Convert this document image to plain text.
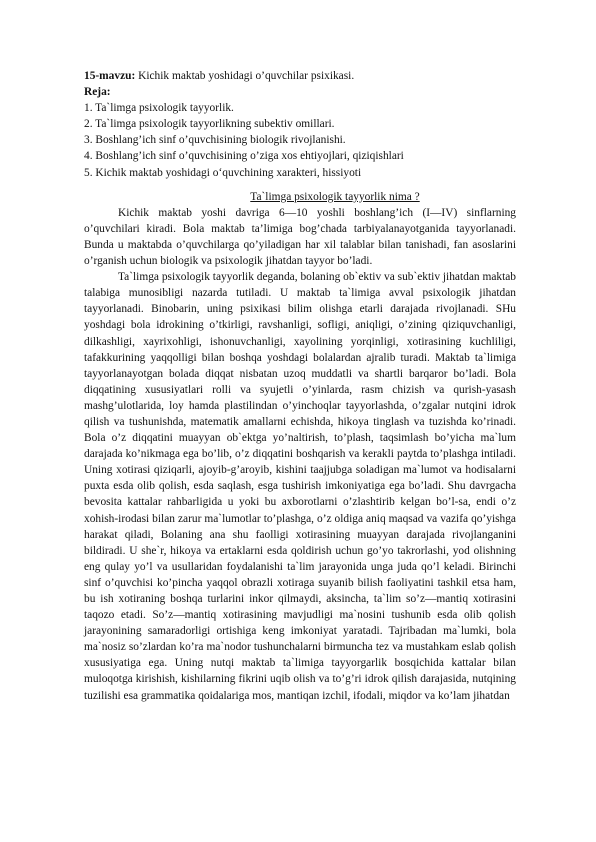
15-mavzu: Kichik maktab yoshidagi o’quvchilar psixikasi.

Reja:

1. Ta`limga psixologik tayyorlik.

2. Ta`limga psixologik tayyorlikning subektiv omillari.

3. Boshlang’ich sinf o’quvchisining biologik rivojlanishi.

4. Boshlang’ich sinf o’quvchisining o’ziga xos ehtiyojlari, qiziqishlari

5. Kichik maktab yoshidagi o‘quvchining xarakteri, hissiyoti

Ta`limga psixologik tayyorlik nima ?

Kichik maktab yoshi davriga 6—10 yoshli boshlang’ich (I—IV) sinflarning o’quvchilari kiradi. Bola maktab ta’limiga bog’chada tarbiyalanayotganida tayyorlanadi. Bunda u maktabda o’quvchilarga qo’yiladigan har xil talablar bilan tanishadi, fan asoslarini o’rganish uchun biologik va psixologik jihatdan tayyor bo’ladi.

Ta`limga psixologik tayyorlik deganda, bolaning ob`ektiv va sub`ektiv jihatdan maktab talabiga munosibligi nazarda tutiladi. U maktab ta`limiga avval psixologik jihatdan tayyorlanadi. Binobarin, uning psixikasi bilim olishga etarli darajada rivojlanadi. SHu yoshdagi bola idrokining o’tkirligi, ravshanligi, sofligi, aniqligi, o’zining qiziquvchanligi, dilkashligi, xayrixohligi, ishonuvchanligi, xayolining yorqinligi, xotirasining kuchliligi, tafakkurining yaqqolligi bilan boshqa yoshdagi bolalardan ajralib turadi. Maktab ta`limiga tayyorlanayotgan bolada diqqat nisbatan uzoq muddatli va shartli barqaror bo’ladi. Bola diqqatining xususiyatlari rolli va syujetli o’yinlarda, rasm chizish va qurish-yasash mashg’ulotlarida, loy hamda plastilindan o’yinchoqlar tayyorlashda, o’zgalar nutqini idrok qilish va tushunishda, matematik amallarni echishda, hikoya tinglash va tuzishda ko’rinadi. Bola o’z diqqatini muayyan ob`ektga yo’naltirish, to’plash, taqsimlash bo’yicha ma`lum darajada ko’nikmaga ega bo’lib, o’z diqqatini boshqarish va kerakli paytda to’plashga intiladi. Uning xotirasi qiziqarli, ajoyib-g’aroyib, kishini taajjubga soladigan ma`lumot va hodisalarni puxta esda olib qolish, esda saqlash, esga tushirish imkoniyatiga ega bo’ladi. Shu davrgacha bevosita kattalar rahbarligida u yoki bu axborotlarni o’zlashtirib kelgan bo’l-sa, endi o’z xohish-irodasi bilan zarur ma`lumotlar to’plashga, o’z oldiga aniq maqsad va vazifa qo’yishga harakat qiladi, Bolaning ana shu faolligi xotirasining muayyan darajada rivojlanganini bildiradi. U she`r, hikoya va ertaklarni esda qoldirish uchun go’yo takrorlashi, yod olishning eng qulay yo’l va usullaridan foydalanishi ta`lim jarayonida unga juda qo’l keladi. Birinchi sinf o’quvchisi ko’pincha yaqqol obrazli xotiraga suyanib bilish faoliyatini tashkil etsa ham, bu ish xotiraning boshqa turlarini inkor qilmaydi, aksincha, ta`lim so’z—mantiq xotirasini taqozo etadi. So’z—mantiq xotirasining mavjudligi ma`nosini tushunib esda olib qolish jarayonining samaradorligi ortishiga keng imkoniyat yaratadi. Tajribadan ma`lumki, bola ma`nosiz so’zlardan ko’ra ma`nodor tushunchalarni birmuncha tez va mustahkam eslab qolish xususiyatiga ega. Uning nutqi maktab ta`limiga tayyorgarlik bosqichida kattalar bilan muloqotga kirishish, kishilarning fikrini uqib olish va to’g’ri idrok qilish darajasida, nutqining tuzilishi esa grammatika qoidalariga mos, mantiqan izchil, ifodali, miqdor va ko’lam jihatdan
